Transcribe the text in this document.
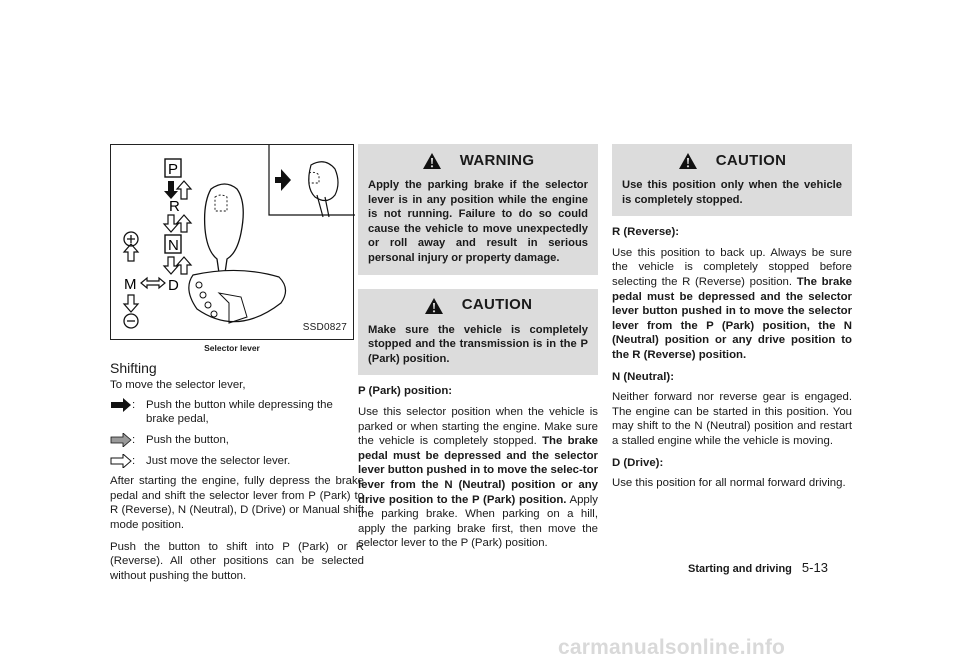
P
R
N
D
M
SSD0827
Selector lever
Shifting

To move the selector lever,

: Push the button while depressing the brake pedal,
: Push the button,
: Just move the selector lever.

After starting the engine, fully depress the brake pedal and shift the selector lever from P (Park) to R (Reverse), N (Neutral), D (Drive) or Manual shift mode position.

Push the button to shift into P (Park) or R (Reverse). All other positions can be selected without pushing the button.

WARNING
Apply the parking brake if the selector lever is in any position while the engine is not running. Failure to do so could cause the vehicle to move unexpectedly or roll away and result in serious personal injury or property damage.
CAUTION
Make sure the vehicle is completely stopped and the transmission is in the P (Park) position.
P (Park) position:

Use this selector position when the vehicle is parked or when starting the engine. Make sure the vehicle is completely stopped. The brake pedal must be depressed and the selector lever button pushed in to move the selec-tor lever from the N (Neutral) position or any drive position to the P (Park) position. Apply the parking brake. When parking on a hill, apply the parking brake first, then move the selector lever to the P (Park) position.

CAUTION
Use this position only when the vehicle is completely stopped.
R (Reverse):

Use this position to back up. Always be sure the vehicle is completely stopped before selecting the R (Reverse) position. The brake pedal must be depressed and the selector lever button pushed in to move the selector lever from the P (Park) position, the N (Neutral) position or any drive position to the R (Reverse) position.

N (Neutral):

Neither forward nor reverse gear is engaged. The engine can be started in this position. You may shift to the N (Neutral) position and restart a stalled engine while the vehicle is moving.

D (Drive):

Use this position for all normal forward driving.

Starting and driving 5-13
carmanualsonline.info
